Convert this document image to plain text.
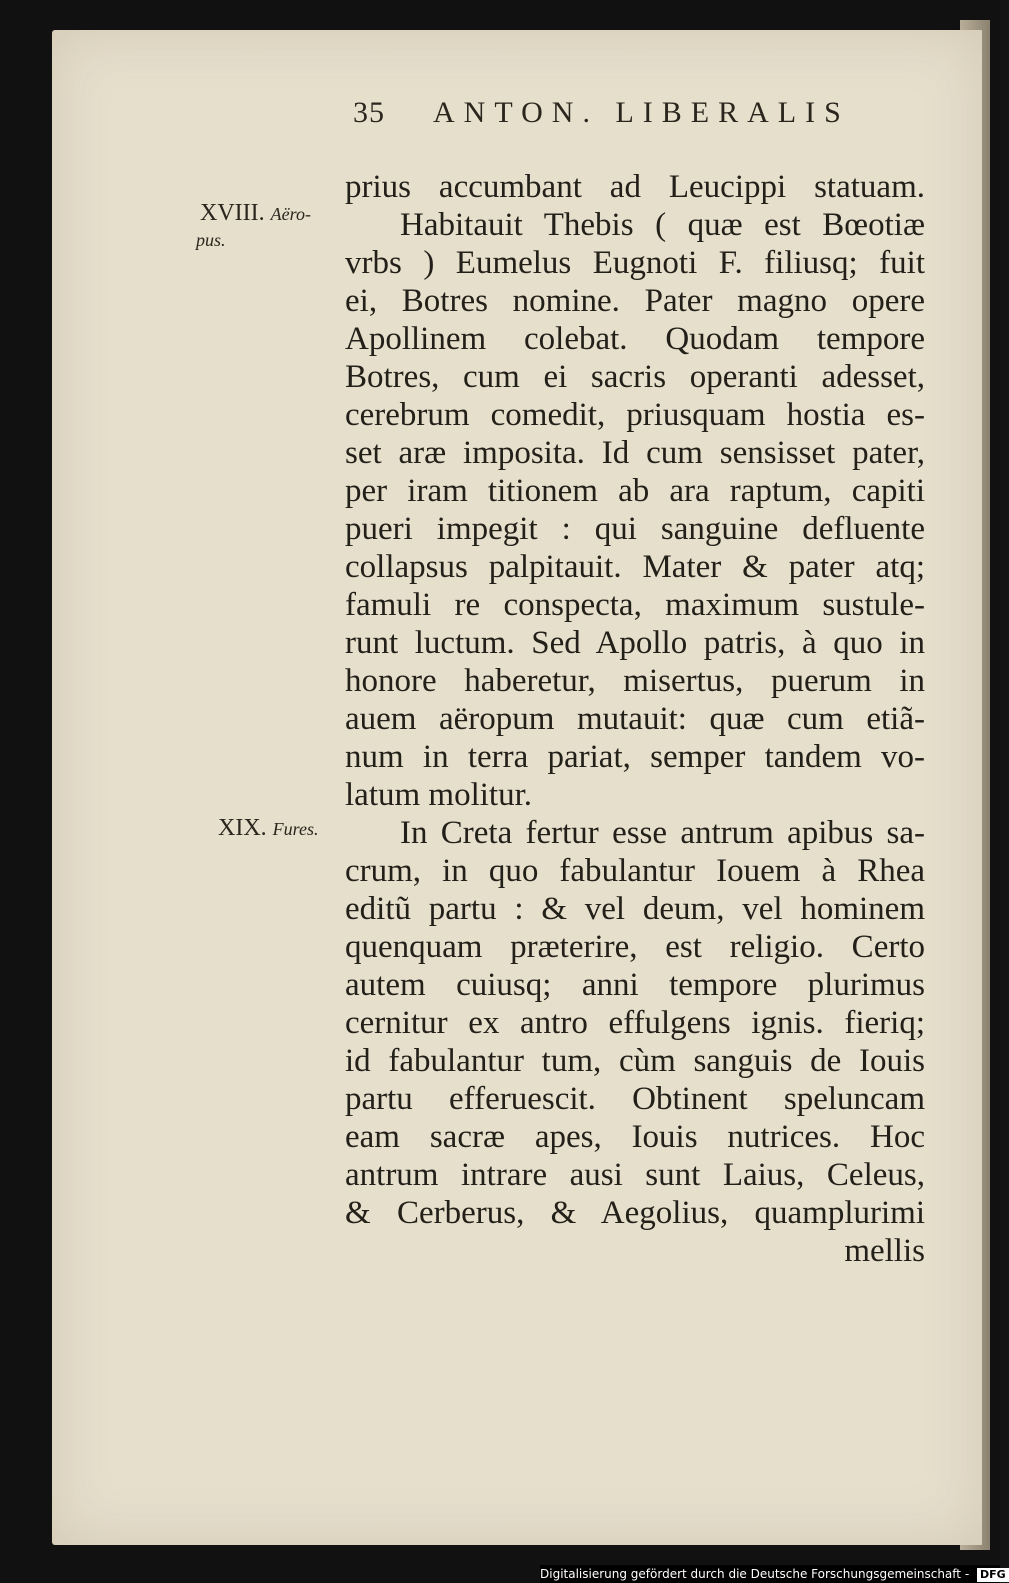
35 ANTON. LIBERALIS
XVIII. Aëro-
pus.
XIX. Fures.
prius accumbant ad Leucippi statuam.
Habitauit Thebis ( quæ est Bœotiæ
vrbs ) Eumelus Eugnoti F. filiusq; fuit
ei, Botres nomine. Pater magno opere
Apollinem colebat. Quodam tempore
Botres, cum ei sacris operanti adesset,
cerebrum comedit, priusquam hostia es-
set aræ imposita. Id cum sensisset pater,
per iram titionem ab ara raptum, capiti
pueri impegit : qui sanguine defluente
collapsus palpitauit. Mater & pater atq;
famuli re conspecta, maximum sustule-
runt luctum. Sed Apollo patris, à quo in
honore haberetur, misertus, puerum in
auem aëropum mutauit: quæ cum etiã-
num in terra pariat, semper tandem vo-
latum molitur.
In Creta fertur esse antrum apibus sa-
crum, in quo fabulantur Iouem à Rhea
editũ partu : & vel deum, vel hominem
quenquam præterire, est religio. Certo
autem cuiusq; anni tempore plurimus
cernitur ex antro effulgens ignis. fieriq;
id fabulantur tum, cùm sanguis de Iouis
partu efferuescit. Obtinent speluncam
eam sacræ apes, Iouis nutrices. Hoc
antrum intrare ausi sunt Laius, Celeus,
& Cerberus, & Aegolius, quamplurimi
mellis
Digitalisierung gefördert durch die Deutsche Forschungsgemeinschaft - DFG
